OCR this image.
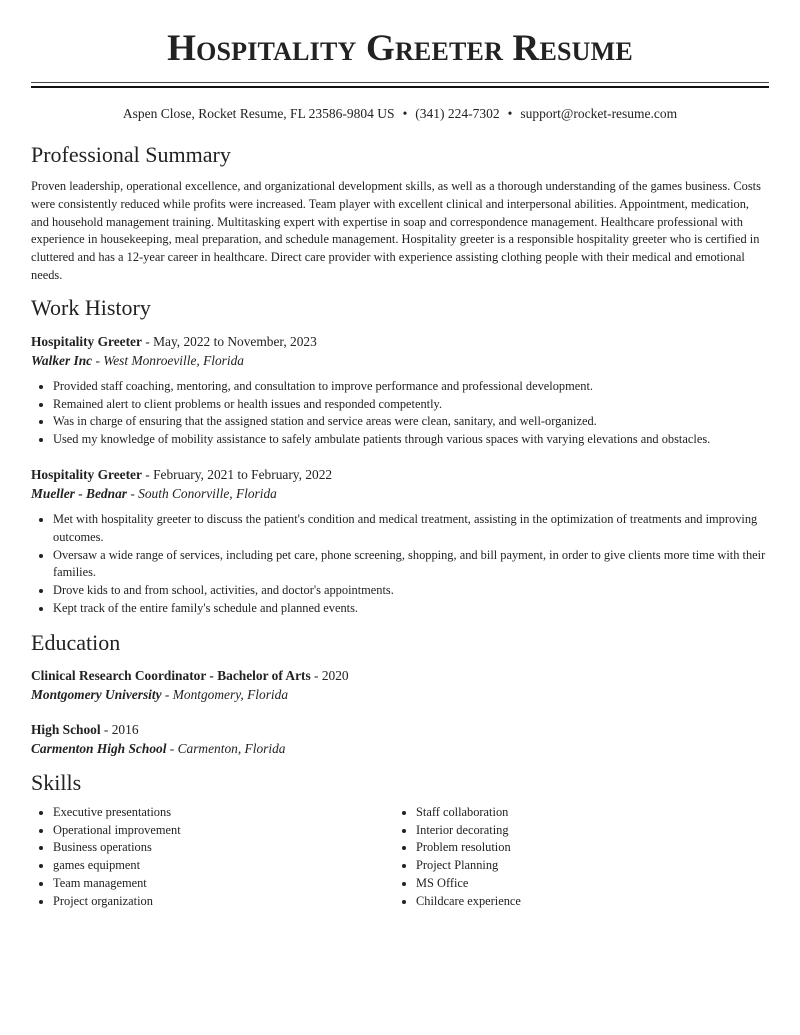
Hospitality Greeter Resume
Aspen Close, Rocket Resume, FL 23586-9804 US • (341) 224-7302 • support@rocket-resume.com
Professional Summary

Proven leadership, operational excellence, and organizational development skills, as well as a thorough understanding of the games business. Costs were consistently reduced while profits were increased. Team player with excellent clinical and interpersonal abilities. Appointment, medication, and household management training. Multitasking expert with expertise in soap and correspondence management. Healthcare professional with experience in housekeeping, meal preparation, and schedule management. Hospitality greeter is a responsible hospitality greeter who is certified in cluttered and has a 12-year career in healthcare. Direct care provider with experience assisting clothing people with their medical and emotional needs.

Work History
Hospitality Greeter - May, 2022 to November, 2023
Walker Inc - West Monroeville, Florida
• Provided staff coaching, mentoring, and consultation to improve performance and professional development.
• Remained alert to client problems or health issues and responded competently.
• Was in charge of ensuring that the assigned station and service areas were clean, sanitary, and well-organized.
• Used my knowledge of mobility assistance to safely ambulate patients through various spaces with varying elevations and obstacles.
Hospitality Greeter - February, 2021 to February, 2022
Mueller - Bednar - South Conorville, Florida
• Met with hospitality greeter to discuss the patient's condition and medical treatment, assisting in the optimization of treatments and improving outcomes.
• Oversaw a wide range of services, including pet care, phone screening, shopping, and bill payment, in order to give clients more time with their families.
• Drove kids to and from school, activities, and doctor's appointments.
• Kept track of the entire family's schedule and planned events.
Education
Clinical Research Coordinator - Bachelor of Arts - 2020
Montgomery University - Montgomery, Florida
High School - 2016
Carmenton High School - Carmenton, Florida
Skills
• Executive presentations
• Operational improvement
• Business operations
• games equipment
• Team management
• Project organization
• Staff collaboration
• Interior decorating
• Problem resolution
• Project Planning
• MS Office
• Childcare experience
